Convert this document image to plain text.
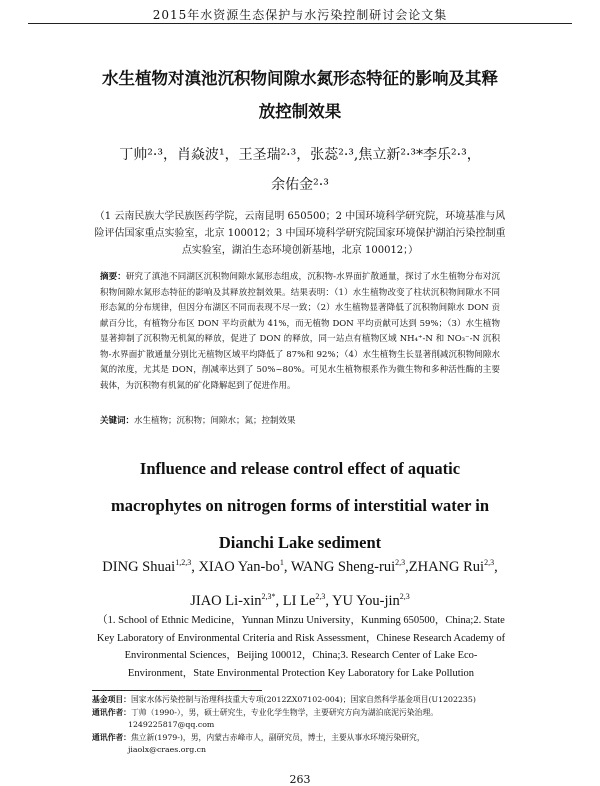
2015年水资源生态保护与水污染控制研讨会论文集
水生植物对滇池沉积物间隙水氮形态特征的影响及其释放控制效果
丁帅²·³，肖焱波¹，王圣瑞²·³，张蕊²·³,焦立新²·³*李乐²·³，
余佑金²·³
（1 云南民族大学民族医药学院，云南昆明 650500；2 中国环境科学研究院，环境基准与风险评估国家重点实验室，北京 100012；3 中国环境科学研究院国家环境保护湖泊污染控制重点实验室，湖泊生态环境创新基地，北京 100012；）
摘要：研究了滇池不同湖区沉积物间隙水氮形态组成，沉积物-水界面扩散通量，探讨了水生植物分布对沉积物间隙水氮形态特征的影响及其释放控制效果。结果表明：（1）水生植物改变了柱状沉积物间隙水不同形态氮的分布规律，但因分布湖区不同而表现不尽一致；（2）水生植物显著降低了沉积物间隙水 DON 贡献百分比，有植物分布区 DON 平均贡献为 41%，而无植物 DON 平均贡献可达到 59%；（3）水生植物显著抑制了沉积物无机氮的释放，促进了 DON 的释放，同一站点有植物区域 NH₄⁺-N 和 NO₃⁻-N 沉积物-水界面扩散通量分别比无植物区域平均降低了 87%和 92%；（4）水生植物生长显著削减沉积物间隙水氮的浓度，尤其是 DON，削减率达到了 50%~80%。可见水生植物根系作为微生物和多种活性酶的主要载体，为沉积物有机氮的矿化降解起到了促进作用。
关键词：水生植物；沉积物；间隙水；氮；控制效果
Influence and release control effect of aquatic
macrophytes on nitrogen forms of interstitial water in
Dianchi Lake sediment
DING Shuai$^{1,2,3}$, XIAO Yan-$bo^1$, WANG Sheng-rui$^{2,3}$,ZHANG Rui$^{2,3}$,
JIAO Li-xin$^{2,3*}$, LI Le$^{2,3}$, YU You-jin$^{2,3}$
（1. School of Ethnic Medicine，Yunnan Minzu University，Kunming 650500，China;2. State Key Laboratory of Environmental Criteria and Risk Assessment，Chinese Research Academy of Environmental Sciences，Beijing 100012，China;3. Research Center of Lake Eco-Environment，State Environmental Protection Key Laboratory for Lake Pollution
基金项目：国家水体污染控制与治理科技重大专项(2012ZX07102-004)；国家自然科学基金项目(U1202235)
通讯作者：丁帅（1990-），男，硕士研究生，专业化学生物学，主要研究方向为湖泊底泥污染治理。
1249225817@qq.com
通讯作者：焦立新(1979-)，男，内蒙古赤峰市人，副研究员，博士，主要从事水环境污染研究，
jiaolx@craes.org.cn
263
